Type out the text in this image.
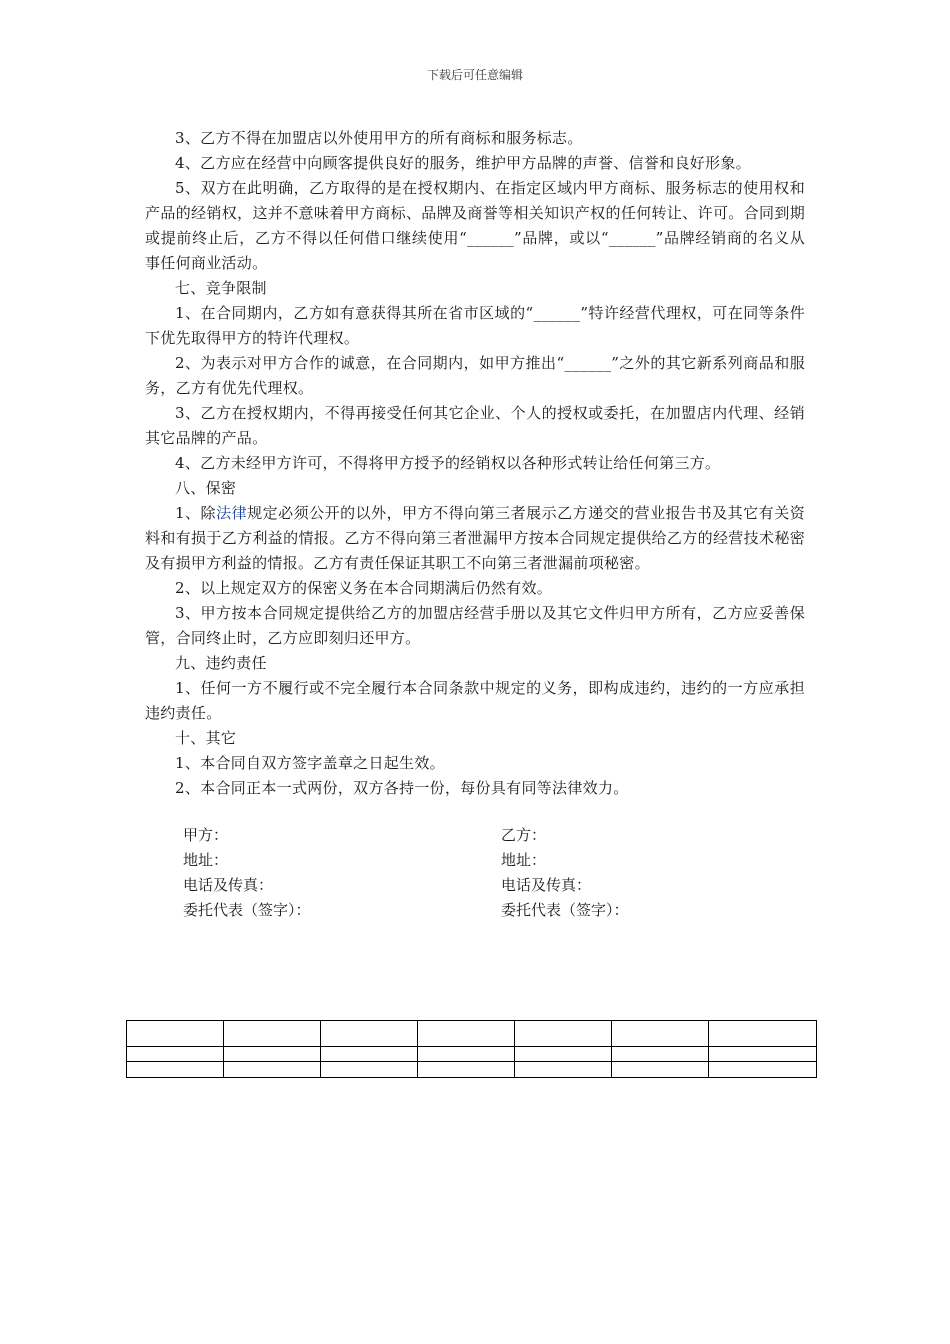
下载后可任意编辑

3、乙方不得在加盟店以外使用甲方的所有商标和服务标志。

4、乙方应在经营中向顾客提供良好的服务，维护甲方品牌的声誉、信誉和良好形象。

5、双方在此明确，乙方取得的是在授权期内、在指定区域内甲方商标、服务标志的使用权和产品的经销权，这并不意味着甲方商标、品牌及商誉等相关知识产权的任何转让、许可。合同到期或提前终止后，乙方不得以任何借口继续使用“______”品牌，或以“______”品牌经销商的名义从事任何商业活动。

七、竞争限制

1、在合同期内，乙方如有意获得其所在省市区域的“______”特许经营代理权，可在同等条件下优先取得甲方的特许代理权。

2、为表示对甲方合作的诚意，在合同期内，如甲方推出“______”之外的其它新系列商品和服务，乙方有优先代理权。

3、乙方在授权期内，不得再接受任何其它企业、个人的授权或委托，在加盟店内代理、经销其它品牌的产品。

4、乙方未经甲方许可，不得将甲方授予的经销权以各种形式转让给任何第三方。

八、保密

1、除法律规定必须公开的以外，甲方不得向第三者展示乙方递交的营业报告书及其它有关资料和有损于乙方利益的情报。乙方不得向第三者泄漏甲方按本合同规定提供给乙方的经营技术秘密及有损甲方利益的情报。乙方有责任保证其职工不向第三者泄漏前项秘密。

2、以上规定双方的保密义务在本合同期满后仍然有效。

3、甲方按本合同规定提供给乙方的加盟店经营手册以及其它文件归甲方所有，乙方应妥善保管，合同终止时，乙方应即刻归还甲方。

九、违约责任

1、任何一方不履行或不完全履行本合同条款中规定的义务，即构成违约，违约的一方应承担违约责任。

十、其它

1、本合同自双方签字盖章之日起生效。

2、本合同正本一式两份，双方各持一份，每份具有同等法律效力。

甲方：	乙方：
地址：	地址：
电话及传真：	电话及传真：
委托代表（签字）：	委托代表（签字）：
